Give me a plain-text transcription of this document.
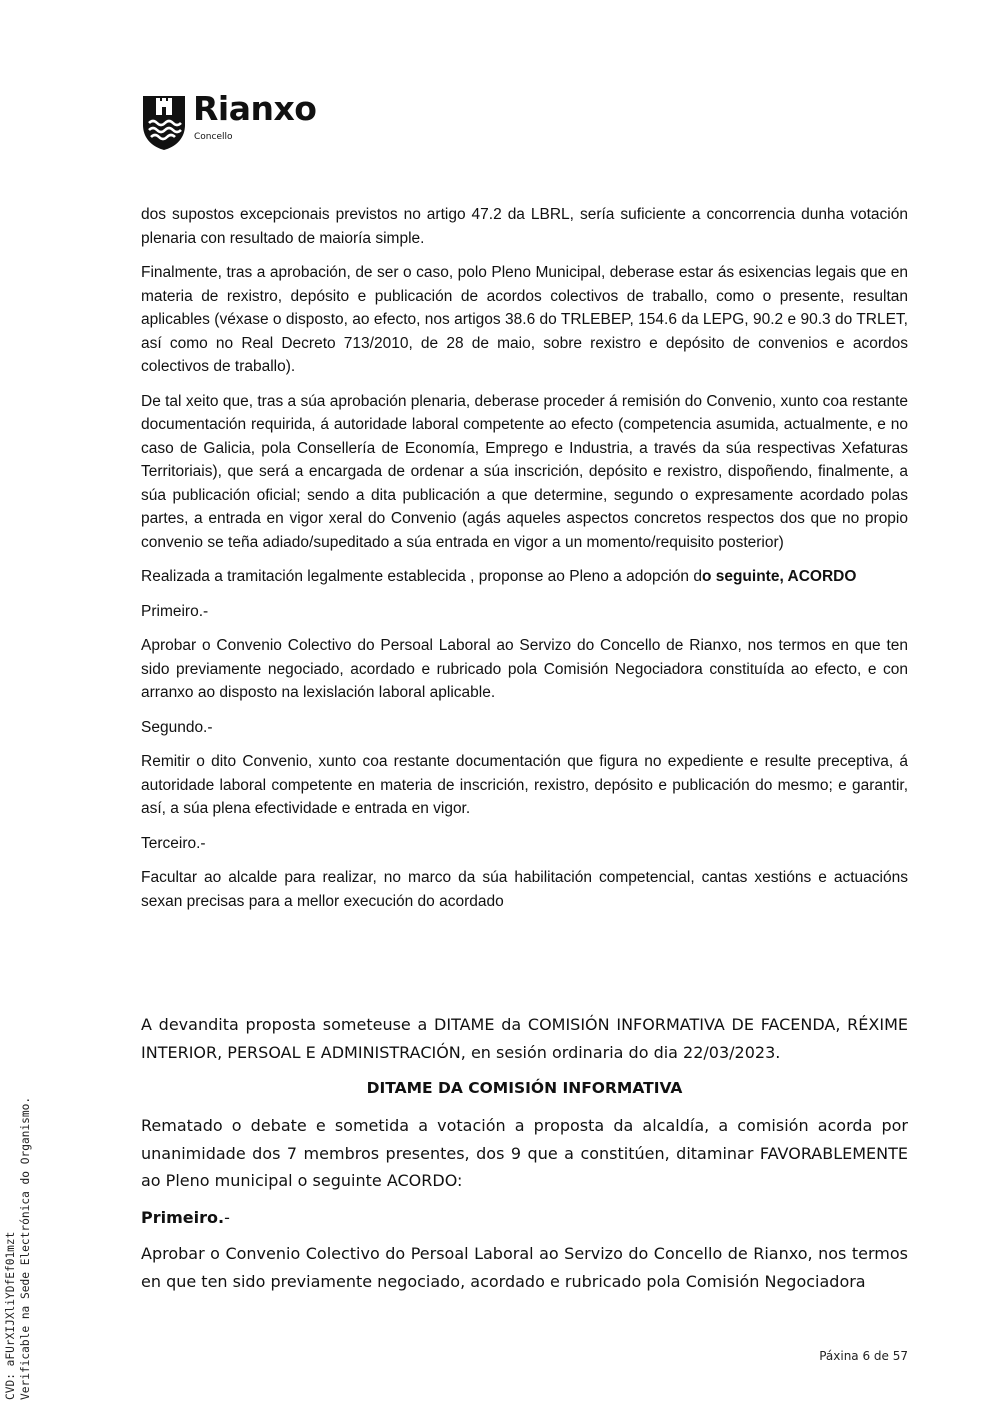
Rianxo
Concello

dos supostos excepcionais previstos no artigo 47.2 da LBRL, sería suficiente a concorrencia dunha votación plenaria con resultado de maioría simple.

Finalmente, tras a aprobación, de ser o caso, polo Pleno Municipal, deberase estar ás esixencias legais que en materia de rexistro, depósito e publicación de acordos colectivos de traballo, como o presente, resultan aplicables (véxase o disposto, ao efecto, nos artigos 38.6 do TRLEBEP, 154.6 da LEPG, 90.2 e 90.3 do TRLET, así como no Real Decreto 713/2010, de 28 de maio, sobre rexistro e depósito de convenios e acordos colectivos de traballo).

De tal xeito que, tras a súa aprobación plenaria, deberase proceder á remisión do Convenio, xunto coa restante documentación requirida, á autoridade laboral competente ao efecto (competencia asumida, actualmente, e no caso de Galicia, pola Consellería de Economía, Emprego e Industria, a través da súa respectivas Xefaturas Territoriais), que será a encargada de ordenar a súa inscrición, depósito e rexistro, dispoñendo, finalmente, a súa publicación oficial; sendo a dita publicación a que determine, segundo o expresamente acordado polas partes, a entrada en vigor xeral do Convenio (agás aqueles aspectos concretos respectos dos que no propio convenio se teña adiado/supeditado a súa entrada en vigor a un momento/requisito posterior)

Realizada a tramitación legalmente establecida , proponse ao Pleno a adopción do seguinte, ACORDO

Primeiro.-

Aprobar o Convenio Colectivo do Persoal Laboral ao Servizo do Concello de Rianxo, nos termos en que ten sido previamente negociado, acordado e rubricado pola Comisión Negociadora constituída ao efecto, e con arranxo ao disposto na lexislación laboral aplicable.

Segundo.-

Remitir o dito Convenio, xunto coa restante documentación que figura no expediente e resulte preceptiva, á autoridade laboral competente en materia de inscrición, rexistro, depósito e publicación do mesmo; e garantir, así, a súa plena efectividade e entrada en vigor.

Terceiro.-

Facultar ao alcalde para realizar, no marco da súa habilitación competencial, cantas xestións e actuacións sexan precisas para a mellor execución do acordado

A devandita proposta someteuse a DITAME da COMISIÓN INFORMATIVA DE FACENDA, RÉXIME INTERIOR, PERSOAL E ADMINISTRACIÓN, en sesión ordinaria do dia 22/03/2023.

DITAME DA COMISIÓN INFORMATIVA

Rematado o debate e sometida a votación a proposta da alcaldía, a comisión acorda por unanimidade dos 7 membros presentes, dos 9 que a constitúen, ditaminar FAVORABLEMENTE ao Pleno municipal o seguinte ACORDO:

Primeiro.-

Aprobar o Convenio Colectivo do Persoal Laboral ao Servizo do Concello de Rianxo, nos termos en que ten sido previamente negociado, acordado e rubricado pola Comisión Negociadora

CVD: aFUrXIJXliYDfEf01mzt Verificable na Sede Electrónica do Organismo.	Páxina 6 de 57
